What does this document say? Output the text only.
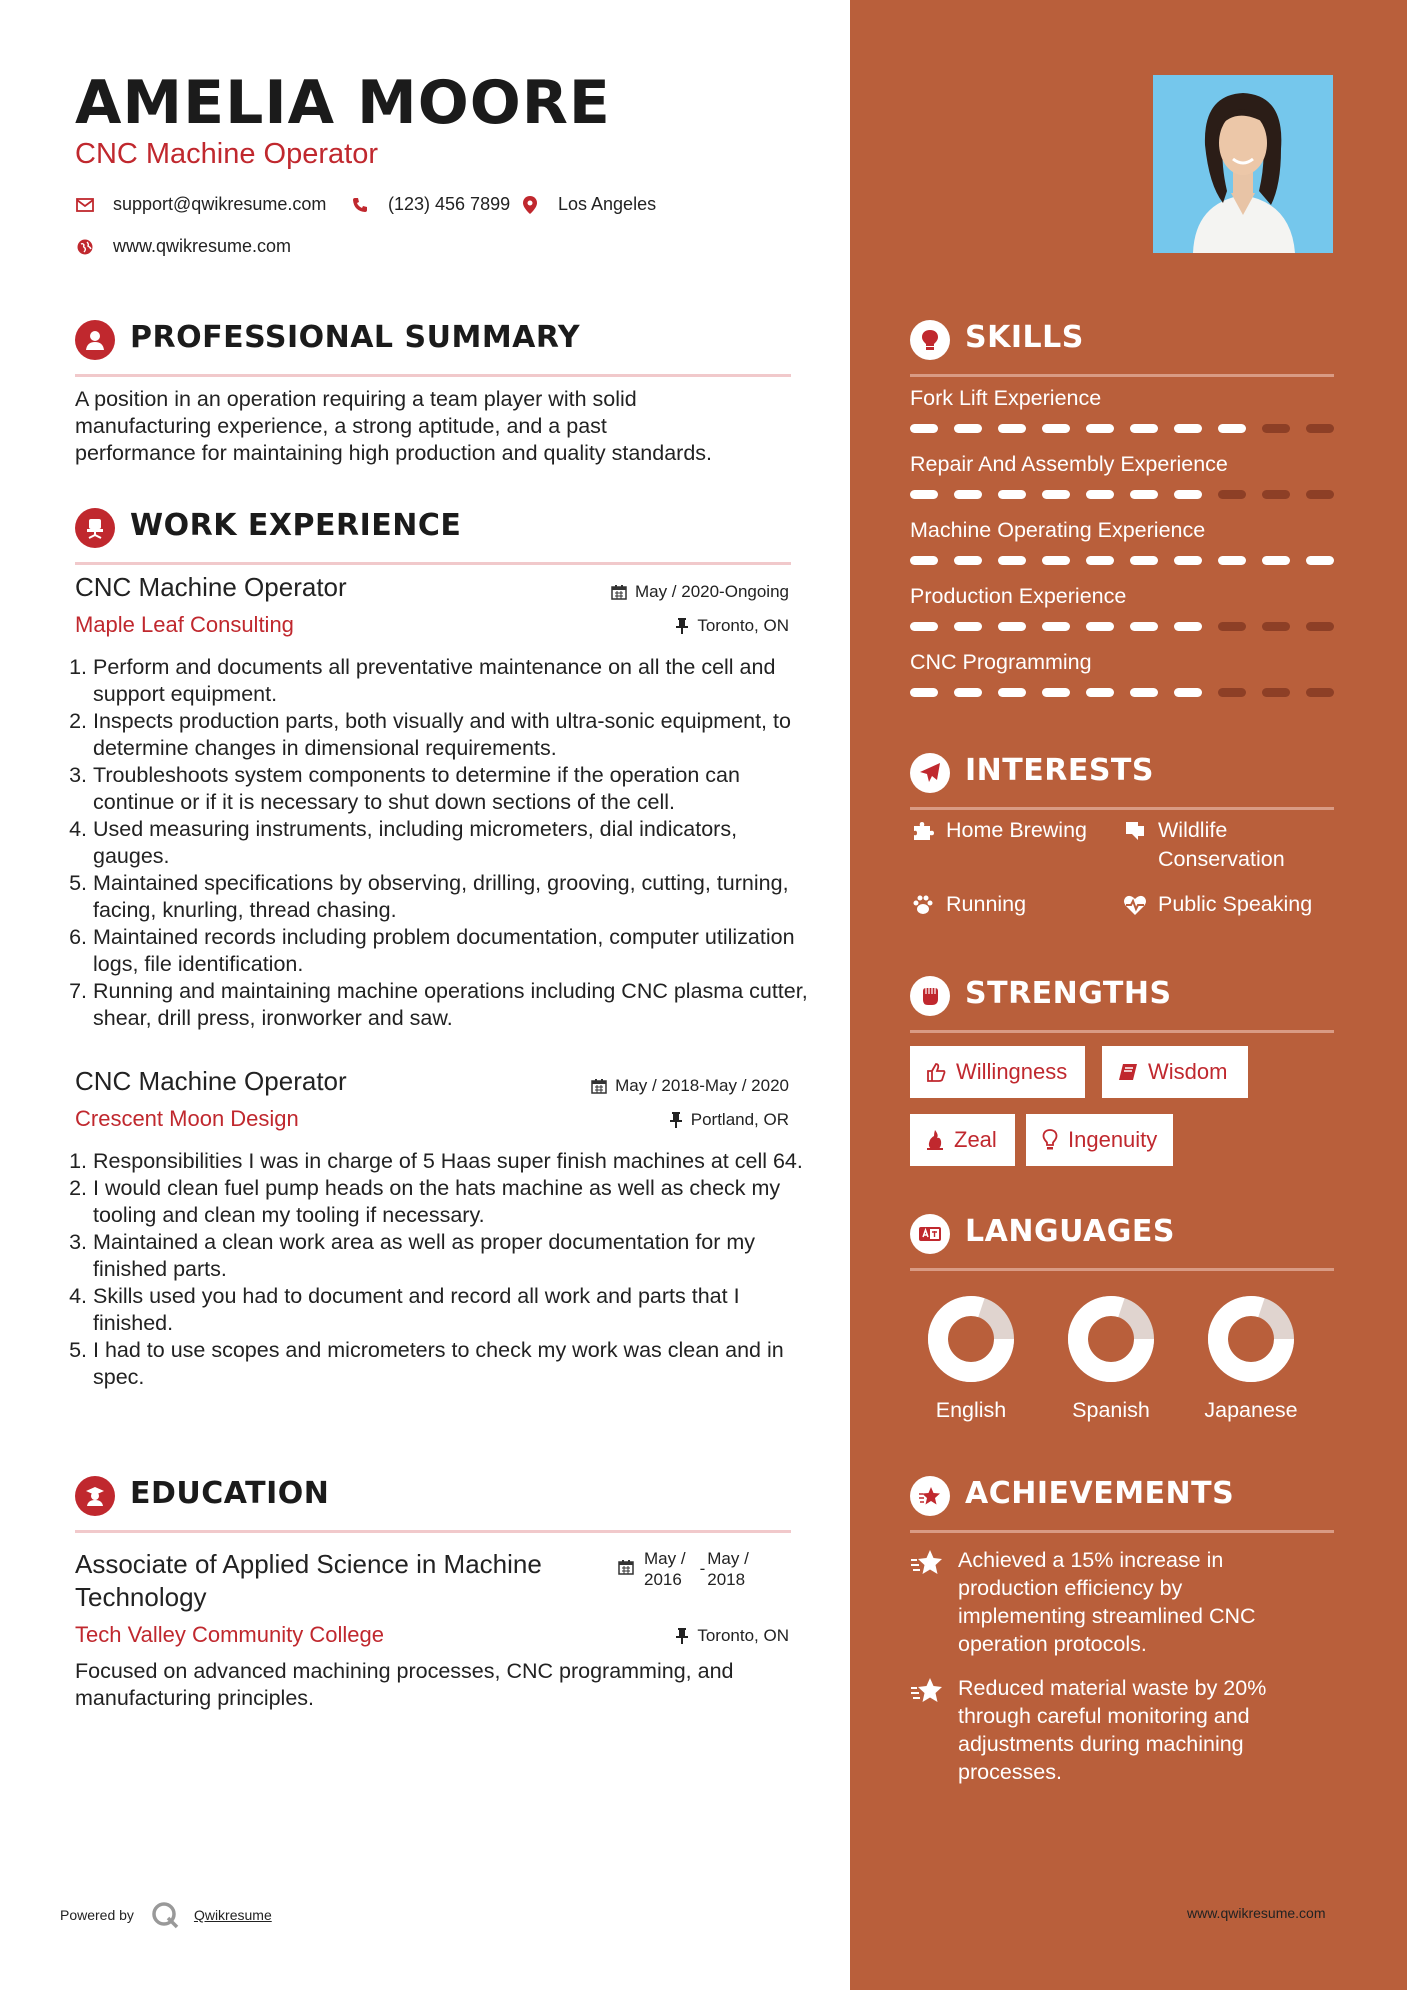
AMELIA MOORE
CNC Machine Operator
support@qwikresume.com	(123) 456 7899	Los Angeles
www.qwikresume.com
PROFESSIONAL SUMMARY
A position in an operation requiring a team player with solid
manufacturing experience, a strong aptitude, and a past
performance for maintaining high production and quality standards.
WORK EXPERIENCE
CNC Machine Operator	May / 2020-Ongoing
Maple Leaf Consulting	Toronto, ON
1. Perform and documents all preventative maintenance on all the cell and support equipment.
2. Inspects production parts, both visually and with ultra-sonic equipment, to determine changes in dimensional requirements.
3. Troubleshoots system components to determine if the operation can continue or if it is necessary to shut down sections of the cell.
4. Used measuring instruments, including micrometers, dial indicators, gauges.
5. Maintained specifications by observing, drilling, grooving, cutting, turning, facing, knurling, thread chasing.
6. Maintained records including problem documentation, computer utilization logs, file identification.
7. Running and maintaining machine operations including CNC plasma cutter, shear, drill press, ironworker and saw.
CNC Machine Operator	May / 2018-May / 2020
Crescent Moon Design	Portland, OR
1. Responsibilities I was in charge of 5 Haas super finish machines at cell 64.
2. I would clean fuel pump heads on the hats machine as well as check my tooling and clean my tooling if necessary.
3. Maintained a clean work area as well as proper documentation for my finished parts.
4. Skills used you had to document and record all work and parts that I finished.
5. I had to use scopes and micrometers to check my work was clean and in spec.
EDUCATION
Associate of Applied Science in Machine
Technology
May /
2016
-
May /
2018
Tech Valley Community College	Toronto, ON
Focused on advanced machining processes, CNC programming, and
manufacturing principles.
SKILLS
Fork Lift Experience
Repair And Assembly Experience
Machine Operating Experience
Production Experience
CNC Programming
INTERESTS
Home Brewing	Wildlife
Conservation
Running	Public Speaking
STRENGTHS
Willingness	Wisdom
Zeal	Ingenuity
LANGUAGES
English	Spanish	Japanese
ACHIEVEMENTS
Achieved a 15% increase in
production efficiency by
implementing streamlined CNC
operation protocols.
Reduced material waste by 20%
through careful monitoring and
adjustments during machining
processes.
Powered by	Qwikresume	www.qwikresume.com
